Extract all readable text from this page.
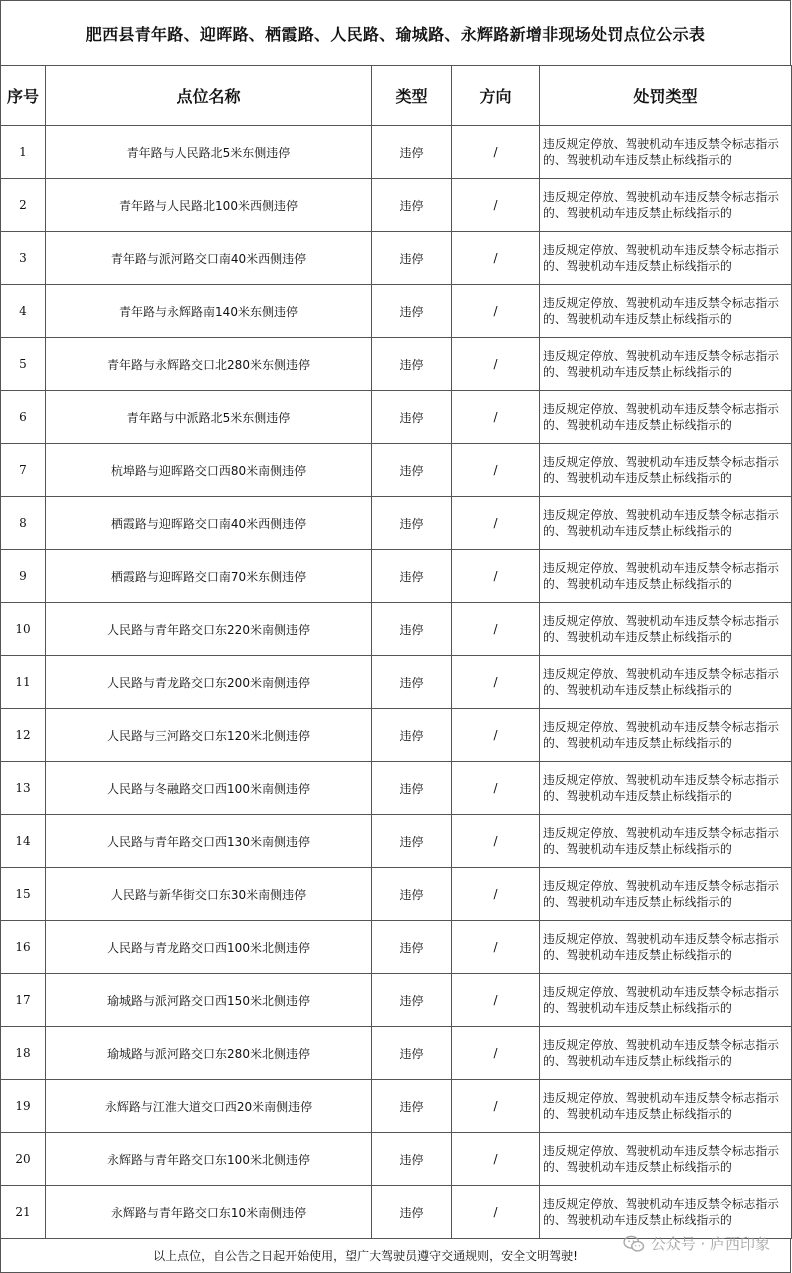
肥西县青年路、迎晖路、栖霞路、人民路、瑜城路、永辉路新增非现场处罚点位公示表
序号	点位名称	类型	方向	处罚类型
1	青年路与人民路北5米东侧违停	违停	/	违反规定停放、驾驶机动车违反禁令标志指示的、驾驶机动车违反禁止标线指示的
2	青年路与人民路北100米西侧违停	违停	/	违反规定停放、驾驶机动车违反禁令标志指示的、驾驶机动车违反禁止标线指示的
3	青年路与派河路交口南40米西侧违停	违停	/	违反规定停放、驾驶机动车违反禁令标志指示的、驾驶机动车违反禁止标线指示的
4	青年路与永辉路南140米东侧违停	违停	/	违反规定停放、驾驶机动车违反禁令标志指示的、驾驶机动车违反禁止标线指示的
5	青年路与永辉路交口北280米东侧违停	违停	/	违反规定停放、驾驶机动车违反禁令标志指示的、驾驶机动车违反禁止标线指示的
6	青年路与中派路北5米东侧违停	违停	/	违反规定停放、驾驶机动车违反禁令标志指示的、驾驶机动车违反禁止标线指示的
7	杭埠路与迎晖路交口西80米南侧违停	违停	/	违反规定停放、驾驶机动车违反禁令标志指示的、驾驶机动车违反禁止标线指示的
8	栖霞路与迎晖路交口南40米西侧违停	违停	/	违反规定停放、驾驶机动车违反禁令标志指示的、驾驶机动车违反禁止标线指示的
9	栖霞路与迎晖路交口南70米东侧违停	违停	/	违反规定停放、驾驶机动车违反禁令标志指示的、驾驶机动车违反禁止标线指示的
10	人民路与青年路交口东220米南侧违停	违停	/	违反规定停放、驾驶机动车违反禁令标志指示的、驾驶机动车违反禁止标线指示的
11	人民路与青龙路交口东200米南侧违停	违停	/	违反规定停放、驾驶机动车违反禁令标志指示的、驾驶机动车违反禁止标线指示的
12	人民路与三河路交口东120米北侧违停	违停	/	违反规定停放、驾驶机动车违反禁令标志指示的、驾驶机动车违反禁止标线指示的
13	人民路与冬融路交口西100米南侧违停	违停	/	违反规定停放、驾驶机动车违反禁令标志指示的、驾驶机动车违反禁止标线指示的
14	人民路与青年路交口西130米南侧违停	违停	/	违反规定停放、驾驶机动车违反禁令标志指示的、驾驶机动车违反禁止标线指示的
15	人民路与新华街交口东30米南侧违停	违停	/	违反规定停放、驾驶机动车违反禁令标志指示的、驾驶机动车违反禁止标线指示的
16	人民路与青龙路交口西100米北侧违停	违停	/	违反规定停放、驾驶机动车违反禁令标志指示的、驾驶机动车违反禁止标线指示的
17	瑜城路与派河路交口西150米北侧违停	违停	/	违反规定停放、驾驶机动车违反禁令标志指示的、驾驶机动车违反禁止标线指示的
18	瑜城路与派河路交口东280米北侧违停	违停	/	违反规定停放、驾驶机动车违反禁令标志指示的、驾驶机动车违反禁止标线指示的
19	永辉路与江淮大道交口西20米南侧违停	违停	/	违反规定停放、驾驶机动车违反禁令标志指示的、驾驶机动车违反禁止标线指示的
20	永辉路与青年路交口东100米北侧违停	违停	/	违反规定停放、驾驶机动车违反禁令标志指示的、驾驶机动车违反禁止标线指示的
21	永辉路与青年路交口东10米南侧违停	违停	/	违反规定停放、驾驶机动车违反禁令标志指示的、驾驶机动车违反禁止标线指示的
以上点位，自公告之日起开始使用，望广大驾驶员遵守交通规则，安全文明驾驶!
公众号 · 庐西印象
